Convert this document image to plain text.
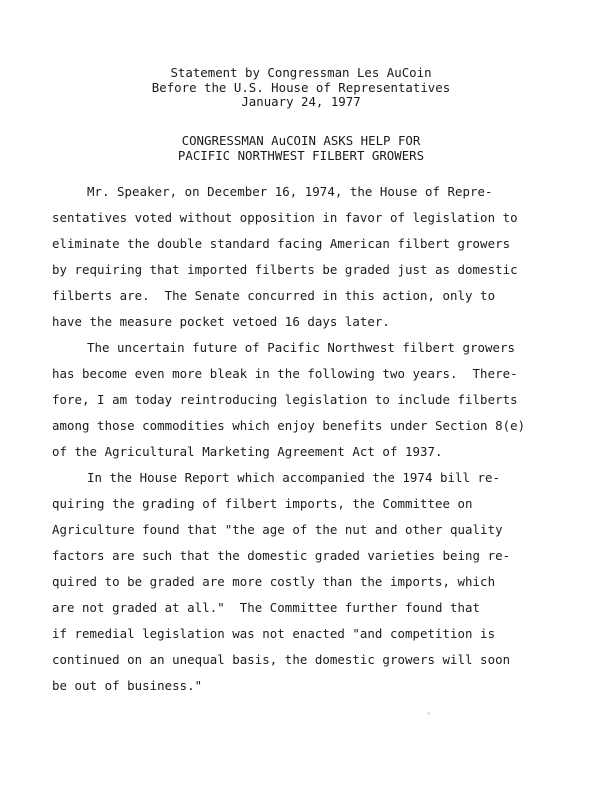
Statement by Congressman Les AuCoin
Before the U.S. House of Representatives
January 24, 1977
CONGRESSMAN AuCOIN ASKS HELP FOR
PACIFIC NORTHWEST FILBERT GROWERS
Mr. Speaker, on December 16, 1974, the House of Repre-
sentatives voted without opposition in favor of legislation to
eliminate the double standard facing American filbert growers
by requiring that imported filberts be graded just as domestic
filberts are.  The Senate concurred in this action, only to
have the measure pocket vetoed 16 days later.
The uncertain future of Pacific Northwest filbert growers
has become even more bleak in the following two years.  There-
fore, I am today reintroducing legislation to include filberts
among those commodities which enjoy benefits under Section 8(e)
of the Agricultural Marketing Agreement Act of 1937.
In the House Report which accompanied the 1974 bill re-
quiring the grading of filbert imports, the Committee on
Agriculture found that "the age of the nut and other quality
factors are such that the domestic graded varieties being re-
quired to be graded are more costly than the imports, which
are not graded at all."  The Committee further found that
if remedial legislation was not enacted "and competition is
continued on an unequal basis, the domestic growers will soon
be out of business."
